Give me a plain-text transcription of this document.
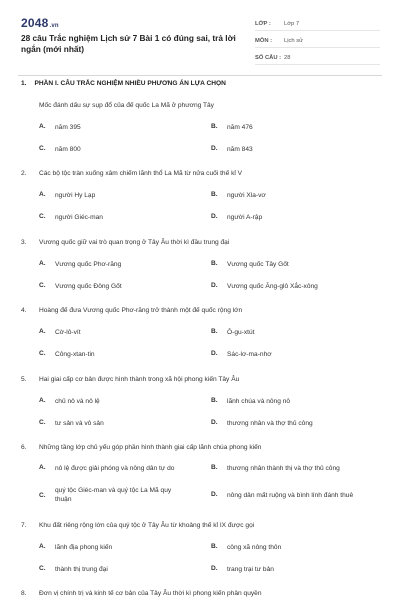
2048.vn
28 câu Trắc nghiệm Lịch sử 7 Bài 1 có đúng sai, trả lời ngắn (mới nhất)
LỚP :	Lớp 7
MÔN :	Lịch sử
SỐ CÂU : 28
1. PHẦN I. CÂU TRẮC NGHIỆM NHIỀU PHƯƠNG ÁN LỰA CHỌN
Mốc đánh dấu sự sụp đổ của đế quốc La Mã ở phương Tây
A.	năm 395	B.	năm 476
C.	năm 800	D.	năm 843
2.	Các bộ tộc tràn xuống xâm chiếm lãnh thổ La Mã từ nửa cuối thế kỉ V
A.	người Hy Lạp	B.	người Xla-vơ
C.	người Giéc-man	D.	người A-rập
3.	Vương quốc giữ vai trò quan trọng ở Tây Âu thời kì đầu trung đại
A.	Vương quốc Phơ-răng	B.	Vương quốc Tây Gốt
C.	Vương quốc Đông Gốt	D.	Vương quốc Ăng-glô Xắc-xông
4.	Hoàng đế đưa Vương quốc Phơ-răng trở thành một đế quốc rộng lớn
A.	Cờ-lô-vít	B.	Ô-gu-xtút
C.	Công-xtan-tin	D.	Sác-lơ-ma-nhơ
5.	Hai giai cấp cơ bản được hình thành trong xã hội phong kiến Tây Âu
A.	chủ nô và nô lệ	B.	lãnh chúa và nông nô
C.	tư sản và vô sản	D.	thương nhân và thợ thủ công
6.	Những tầng lớp chủ yếu góp phần hình thành giai cấp lãnh chúa phong kiến
A.	nô lệ được giải phóng và nông dân tự do	B.	thương nhân thành thị và thợ thủ công
C.
quý tộc Giéc-man và quý tộc La Mã quy thuận
D.	nông dân mất ruộng và bình lính đánh thuê
7.	Khu đất riêng rộng lớn của quý tộc ở Tây Âu từ khoảng thế kỉ IX được gọi
A.	lãnh địa phong kiến	B.	công xã nông thôn
C.	thành thị trung đại	D.	trang trại tư bản
8.	Đơn vị chính trị và kinh tế cơ bản của Tây Âu thời kì phong kiến phân quyền
